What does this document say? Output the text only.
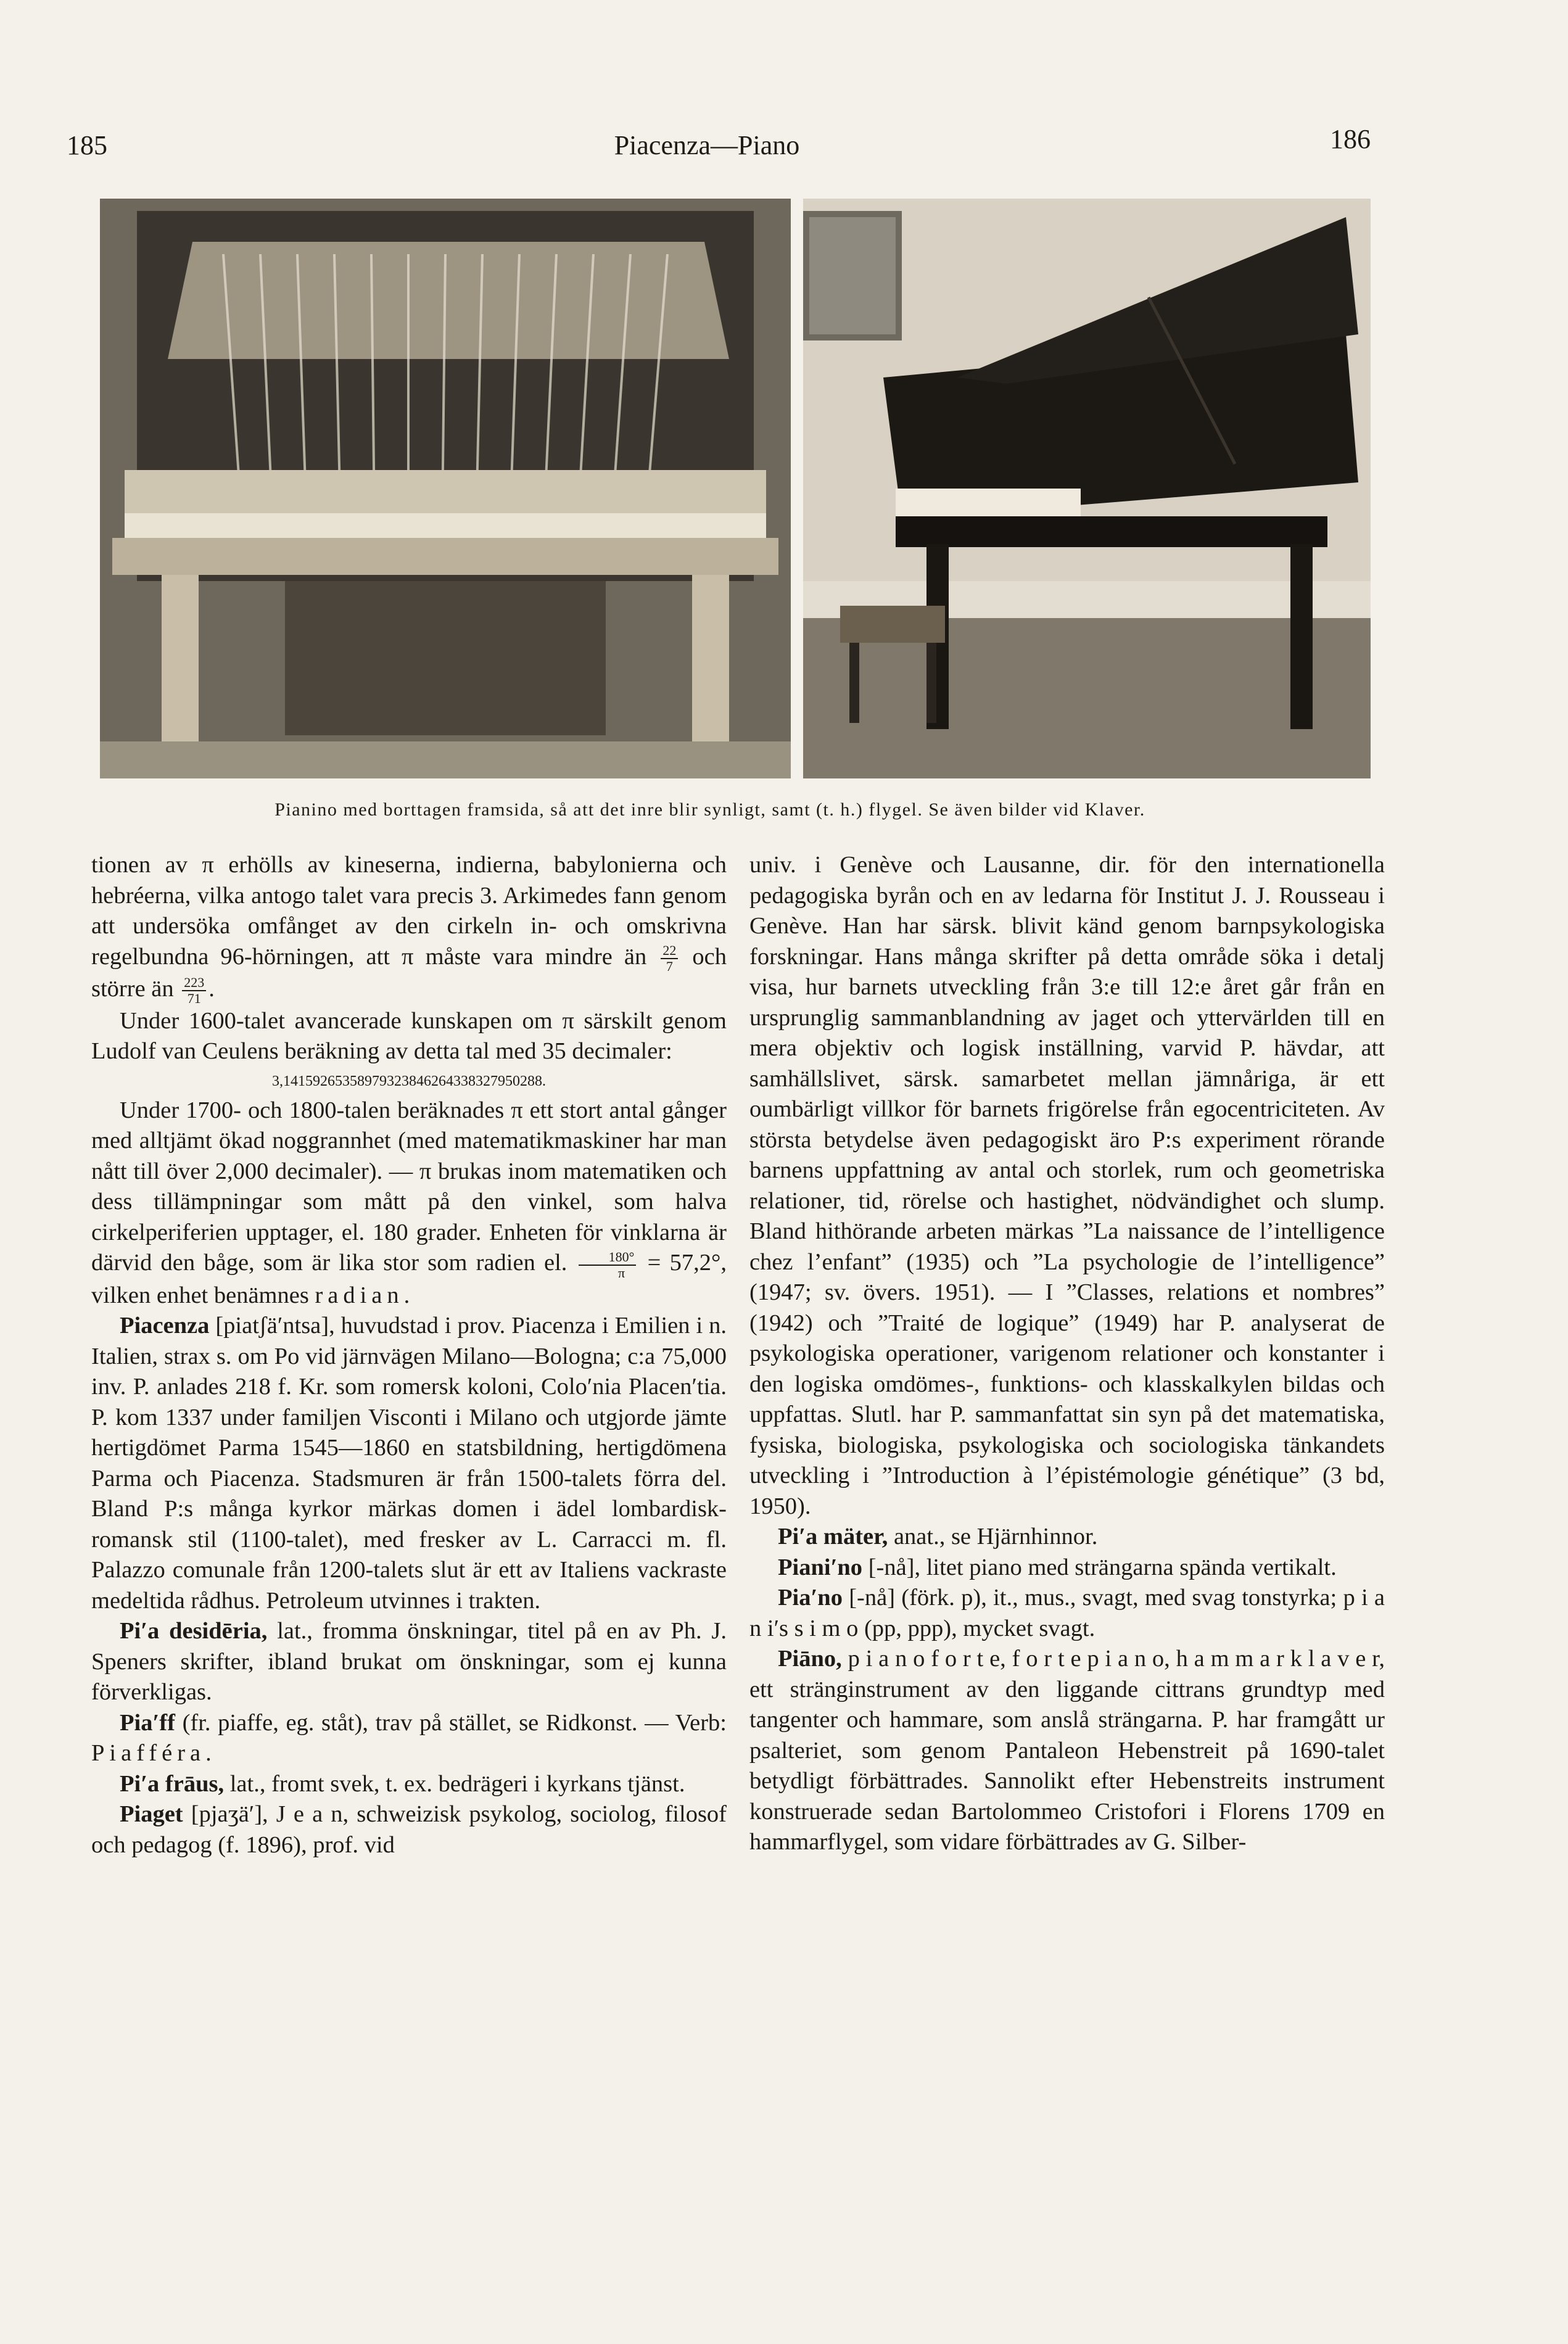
185	Piacenza—Piano	186
Pianino med borttagen framsida, så att det inre blir synligt, samt (t. h.) flygel. Se även bilder vid Klaver.

tionen av π erhölls av kineserna, indierna, babylonierna och hebréerna, vilka antogo talet vara precis 3. Arkimedes fann genom att undersöka omfånget av den cirkeln in- och omskrivna regelbundna 96-hörningen, att π måste vara mindre än $\frac{22}{7}$ och större än $\frac{223}{71}$ .

Under 1600-talet avancerade kunskapen om π särskilt genom Ludolf van Ceulens beräkning av detta tal med 35 decimaler:

3,14159265358979323846264338327950288.

Under 1700- och 1800-talen beräknades π ett stort antal gånger med alltjämt ökad noggrannhet (med matematikmaskiner har man nått till över 2,000 decimaler). — π brukas inom matematiken och dess tillämpningar som mått på den vinkel, som halva cirkelperiferien upptager, el. 180 grader. Enheten för vinklarna är därvid den båge, som är lika stor som radien el. $\frac{180^\circ}{\pi} = 57,2^\circ$, vilken enhet benämnes radian.

Piacenza [piatʃä′ntsa], huvudstad i prov. Piacenza i Emilien i n. Italien, strax s. om Po vid järnvägen Milano—Bologna; c:a 75,000 inv. P. anlades 218 f. Kr. som romersk koloni, Colo′nia Placen′tia. P. kom 1337 under familjen Visconti i Milano och utgjorde jämte hertigdömet Parma 1545—1860 en statsbildning, hertigdömena Parma och Piacenza. Stadsmuren är från 1500-talets förra del. Bland P:s många kyrkor märkas domen i ädel lombardisk-romansk stil (1100-talet), med fresker av L. Carracci m. fl. Palazzo comunale från 1200-talets slut är ett av Italiens vackraste medeltida rådhus. Petroleum utvinnes i trakten.

Pi′a desidēria, lat., fromma önskningar, titel på en av Ph. J. Speners skrifter, ibland brukat om önskningar, som ej kunna förverkligas.

Pia′ff (fr. piaffe, eg. ståt), trav på stället, se Ridkonst. — Verb: Piafféra.

Pi′a frāus, lat., fromt svek, t. ex. bedrägeri i kyrkans tjänst.

Piaget [pjaʒä′], J e a n, schweizisk psykolog, sociolog, filosof och pedagog (f. 1896), prof. vid

univ. i Genève och Lausanne, dir. för den internationella pedagogiska byrån och en av ledarna för Institut J. J. Rousseau i Genève. Han har särsk. blivit känd genom barnpsykologiska forskningar. Hans många skrifter på detta område söka i detalj visa, hur barnets utveckling från 3:e till 12:e året går från en ursprunglig sammanblandning av jaget och yttervärlden till en mera objektiv och logisk inställning, varvid P. hävdar, att samhällslivet, särsk. samarbetet mellan jämnåriga, är ett oumbärligt villkor för barnets frigörelse från egocentriciteten. Av största betydelse även pedagogiskt äro P:s experiment rörande barnens uppfattning av antal och storlek, rum och geometriska relationer, tid, rörelse och hastighet, nödvändighet och slump. Bland hithörande arbeten märkas ”La naissance de l’intelligence chez l’enfant” (1935) och ”La psychologie de l’intelligence” (1947; sv. övers. 1951). — I ”Classes, relations et nombres” (1942) och ”Traité de logique” (1949) har P. analyserat de psykologiska operationer, varigenom relationer och konstanter i den logiska omdömes-, funktions- och klasskalkylen bildas och uppfattas. Slutl. har P. sammanfattat sin syn på det matematiska, fysiska, biologiska, psykologiska och sociologiska tänkandets utveckling i ”Introduction à l’épistémologie génétique” (3 bd, 1950).

Pi′a mäter, anat., se Hjärnhinnor.

Piani′no [-nå], litet piano med strängarna spända vertikalt.

Pia′no [-nå] (förk. p), it., mus., svagt, med svag tonstyrka; p i a n i′s s i m o (pp, ppp), mycket svagt.

Piāno, p i a n o f o r t e, f o r t e p i a n o, h a m m a r k l a v e r, ett stränginstrument av den liggande cittrans grundtyp med tangenter och hammare, som anslå strängarna. P. har framgått ur psalteriet, som genom Pantaleon Hebenstreit på 1690-talet betydligt förbättrades. Sannolikt efter Hebenstreits instrument konstruerade sedan Bartolommeo Cristofori i Florens 1709 en hammarflygel, som vidare förbättrades av G. Silber-
